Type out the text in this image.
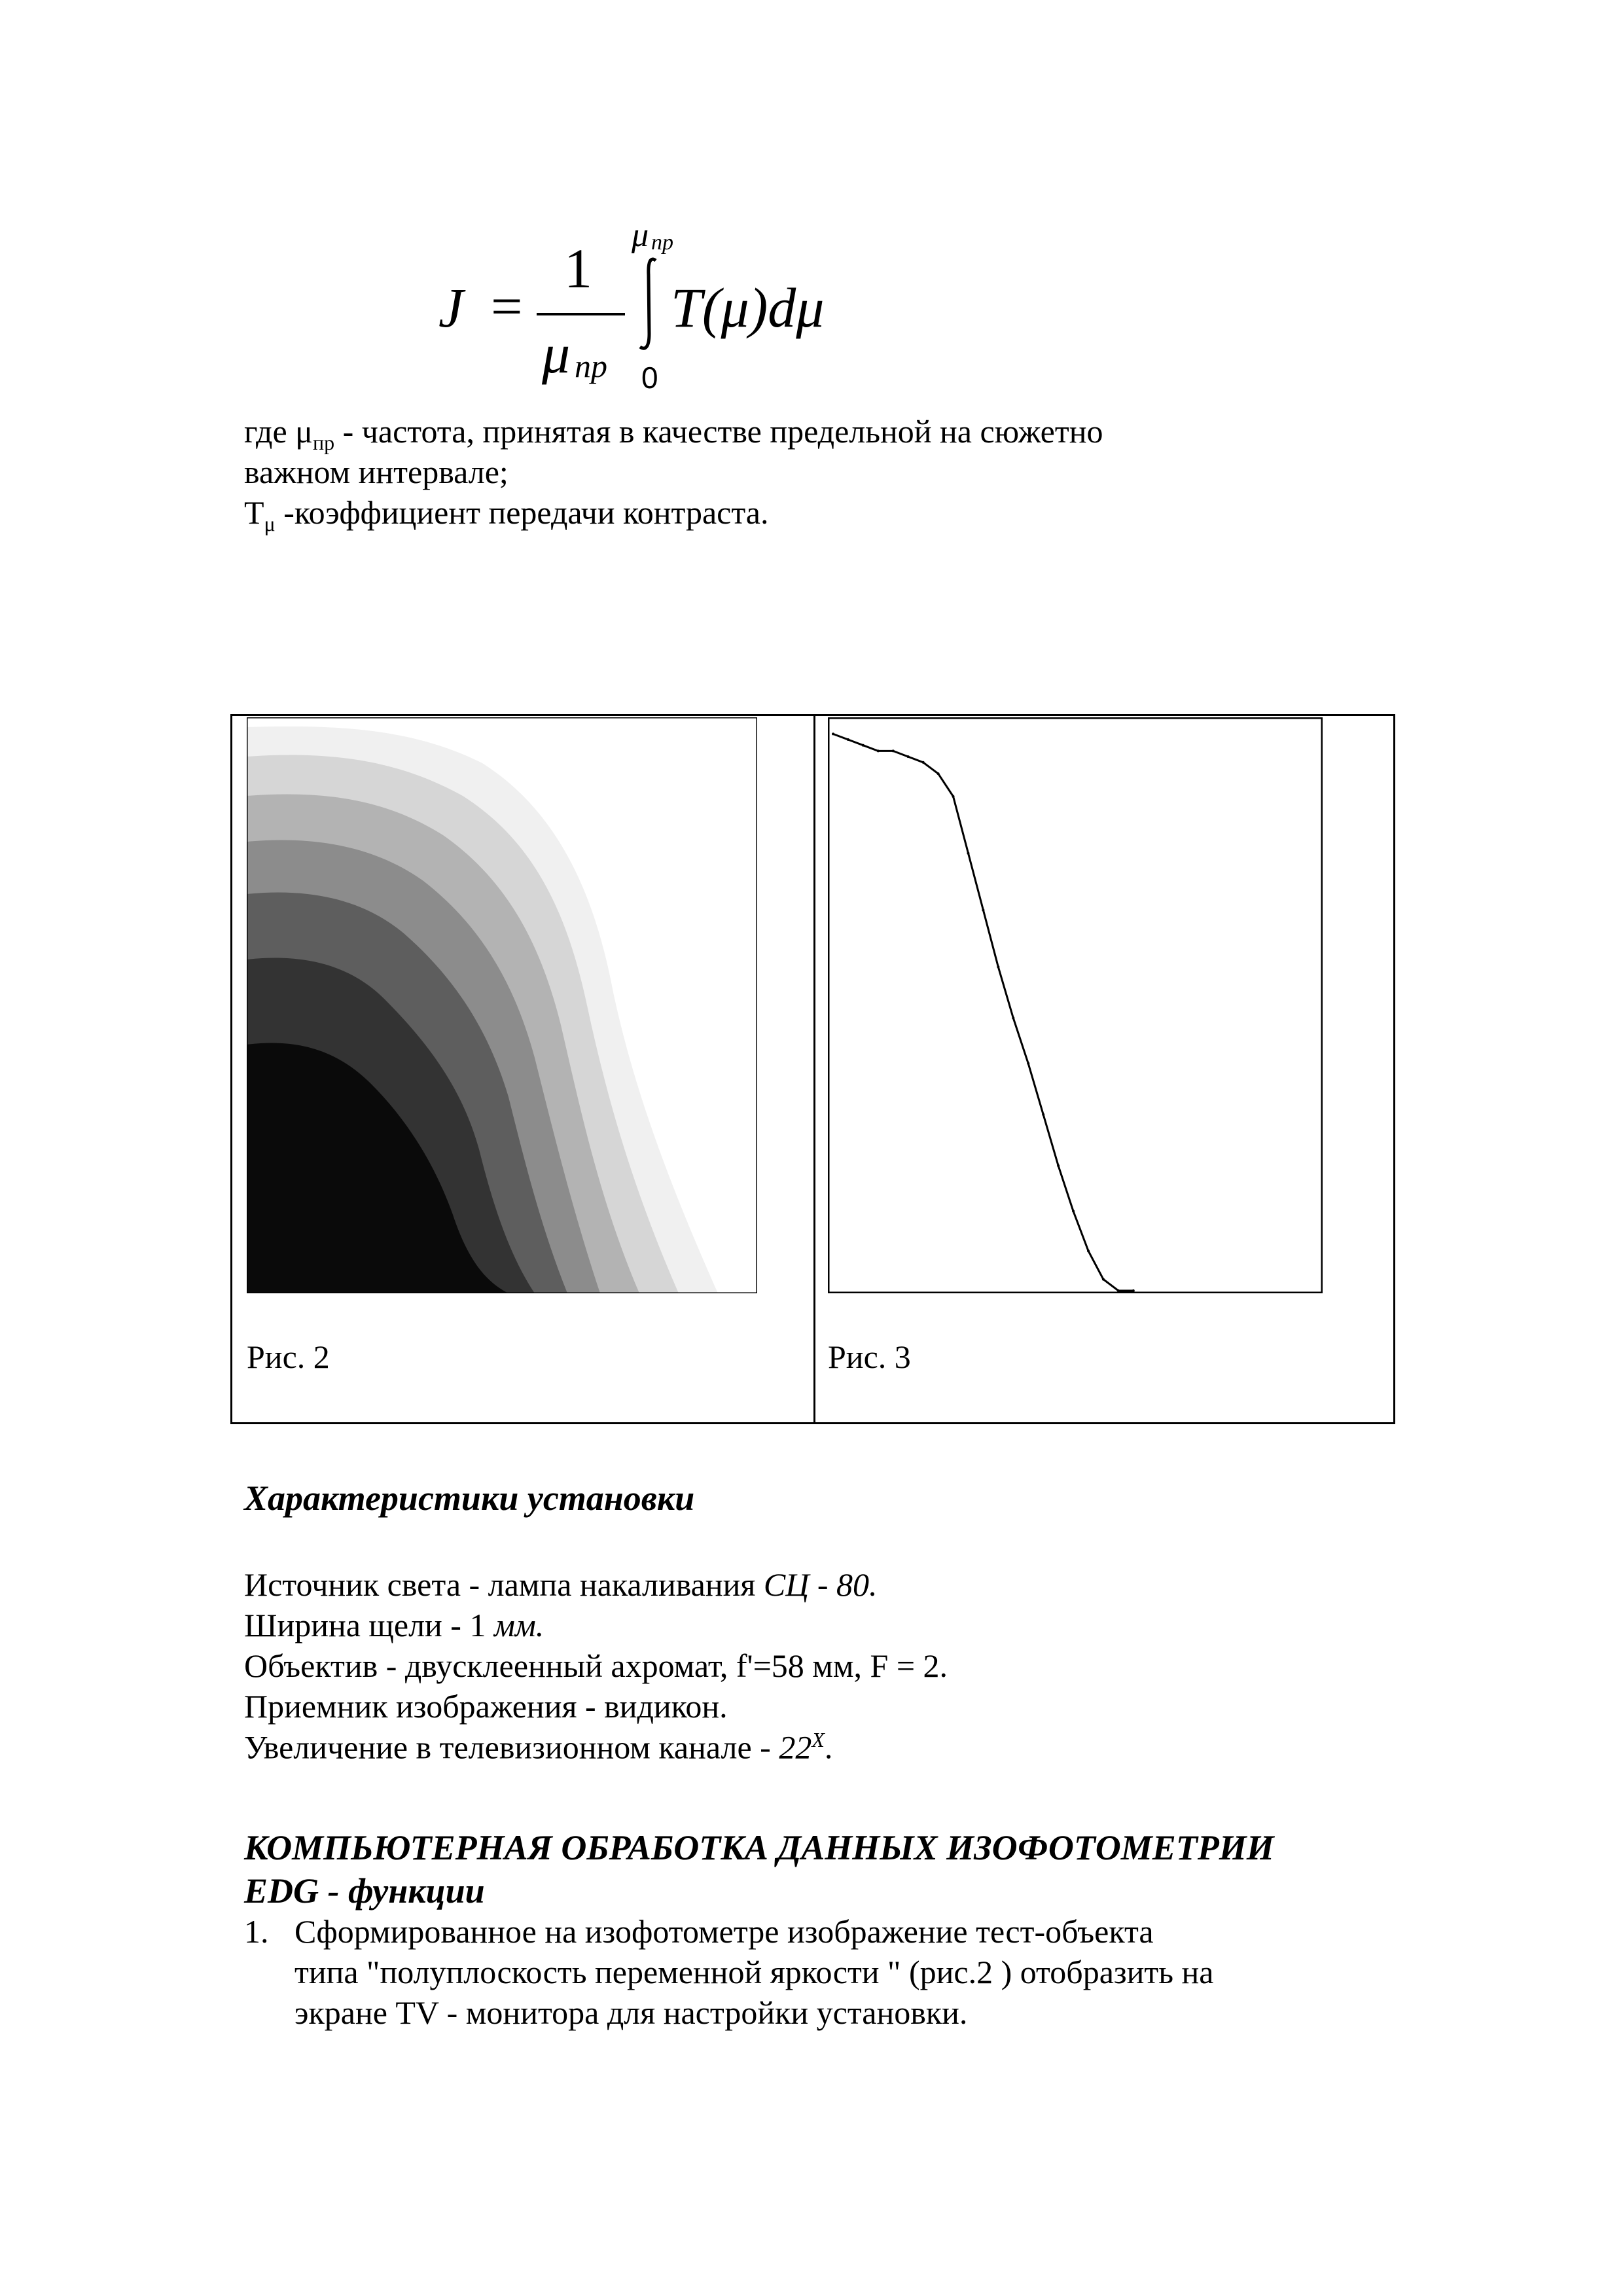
J =
1
μ пр
μ пр
0
T(μ)dμ
где $\mu_{пр}$ - частота, принятая в качестве предельной на сюжетно
важном интервале;
$T_\mu$ -коэффициент передачи контраста.
Рис. 2	Рис. 3
Характеристики установки
Источник света - лампа накаливания СЦ - 80.
Ширина щели - 1 мм.
Объектив - двусклеенный ахромат, f'=58 мм, F = 2.
Приемник изображения - видикон.
Увеличение в телевизионном канале - $22^X$.
КОМПЬЮТЕРНАЯ ОБРАБОТКА ДАННЫХ ИЗОФОТОМЕТРИИ
EDG - функции
1. Сформированное на изофотометре изображение тест-объекта
типа "полуплоскость переменной яркости " (рис.2 ) отобразить на
экране TV - монитора для настройки установки.
